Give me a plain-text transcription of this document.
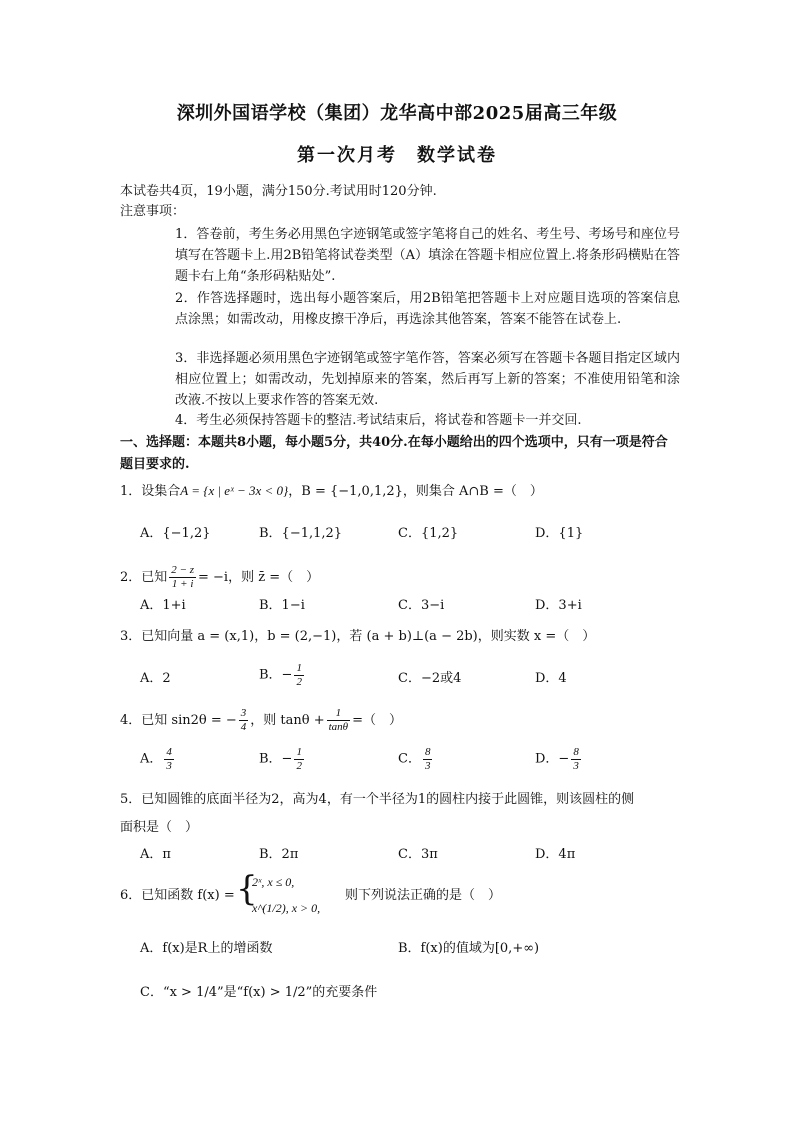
深圳外国语学校（集团）龙华高中部2025届高三年级
第一次月考　数学试卷
本试卷共4页，19小题，满分150分.考试用时120分钟.
注意事项：
1．答卷前，考生务必用黑色字迹钢笔或签字笔将自己的姓名、考生号、考场号和座位号填写在答题卡上.用2B铅笔将试卷类型（A）填涂在答题卡相应位置上.将条形码横贴在答题卡右上角“条形码粘贴处”.
2．作答选择题时，选出每小题答案后，用2B铅笔把答题卡上对应题目选项的答案信息点涂黑；如需改动，用橡皮擦干净后，再选涂其他答案，答案不能答在试卷上.
3．非选择题必须用黑色字迹钢笔或签字笔作答，答案必须写在答题卡各题目指定区域内相应位置上；如需改动，先划掉原来的答案，然后再写上新的答案；不准使用铅笔和涂改液.不按以上要求作答的答案无效.
4．考生必须保持答题卡的整洁.考试结束后，将试卷和答题卡一并交回.
一、选择题：本题共8小题，每小题5分，共40分.在每小题给出的四个选项中，只有一项是符合题目要求的.
1．设集合A = {x | eˣ − 3x < 0}，B = {−1,0,1,2}，则集合 A∩B =（　）
A．{−1,2}	B．{−1,1,2}	C．{1,2}	D．{1}
2．已知 $\frac{2 - z}{1 + i} = -i$，则 z̄ =（　）
A．1+i	B．1−i	C．3−i	D．3+i
3．已知向量 a = (x,1)，b = (2,−1)，若 (a + b)⊥(a − 2b)，则实数 x =（　）
A．2	B．− $\frac{1}{2}$	C．−2或4	D．4
4．已知 sin2θ = − $\frac{3}{4}$ ，则 $\tan\theta + \frac{1}{\tan\theta}$ =（　）
A． $\frac{4}{3}$	B．− $\frac{1}{2}$	C． $\frac{8}{3}$	D．− $\frac{8}{3}$
5．已知圆锥的底面半径为2，高为4，有一个半径为1的圆柱内接于此圆锥，则该圆柱的侧
面积是（　）
A．π	B．2π	C．3π	D．4π
6．已知函数 f(x) = {
2ˣ, x ≤ 0,
x^(1/2), x > 0,
则下列说法正确的是（　）
A．f(x)是R上的增函数	B．f(x)的值域为[0,+∞)
C．“x > 1/4”是“f(x) > 1/2”的充要条件
